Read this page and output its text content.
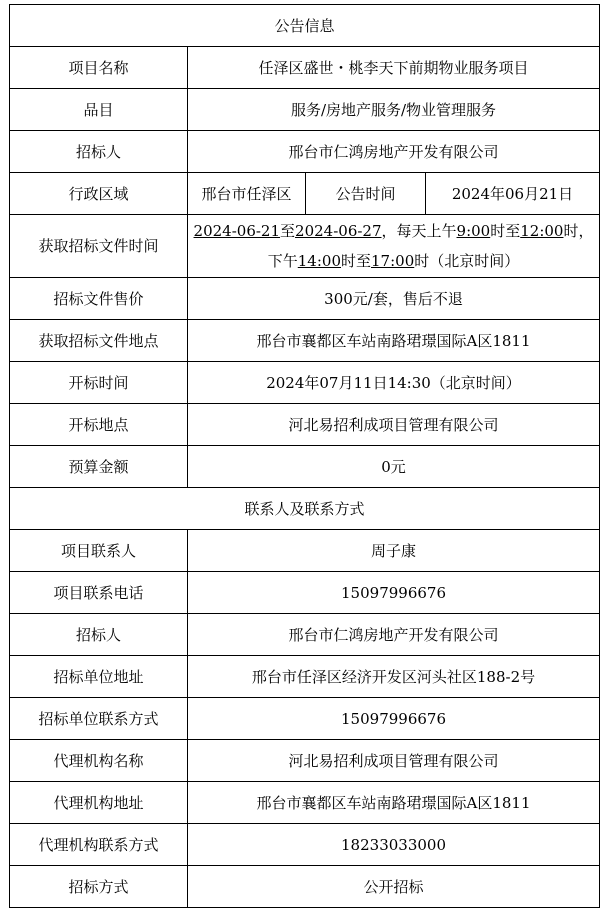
公告信息			
项目名称	任泽区盛世・桃李天下前期物业服务项目		
品目	服务/房地产服务/物业管理服务		
招标人	邢台市仁鸿房地产开发有限公司		
行政区域	邢台市任泽区	公告时间	2024年06月21日
获取招标文件时间	2024-06-21至2024-06-27，每天上午9:00时至12:00时，下午14:00时至17:00时（北京时间）		
招标文件售价	300元/套，售后不退		
获取招标文件地点	邢台市襄都区车站南路珺璟国际A区1811		
开标时间	2024年07月11日14:30（北京时间）		
开标地点	河北易招利成项目管理有限公司		
预算金额	0元		
联系人及联系方式			
项目联系人	周子康		
项目联系电话	15097996676		
招标人	邢台市仁鸿房地产开发有限公司		
招标单位地址	邢台市任泽区经济开发区河头社区188-2号		
招标单位联系方式	15097996676		
代理机构名称	河北易招利成项目管理有限公司		
代理机构地址	邢台市襄都区车站南路珺璟国际A区1811		
代理机构联系方式	18233033000		
招标方式	公开招标		
